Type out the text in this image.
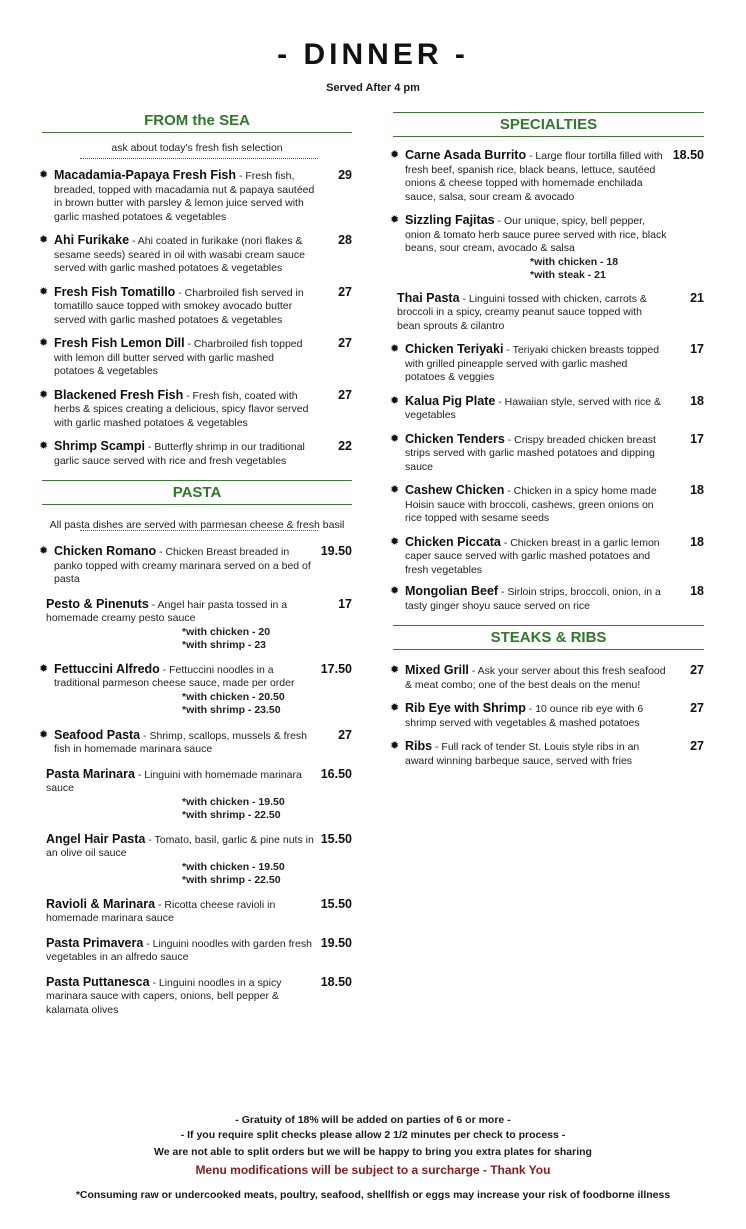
- DINNER -
Served After 4 pm
FROM the SEA
ask about today's fresh fish selection
✹ Macadamia-Papaya Fresh Fish - Fresh fish, breaded, topped with macadamia nut & papaya sautéed in brown butter with parsley & lemon juice served with garlic mashed potatoes & vegetables
29
✹ Ahi Furikake - Ahi coated in furikake (nori flakes & sesame seeds) seared in oil with wasabi cream sauce served with garlic mashed potatoes & vegetables
28
✹ Fresh Fish Tomatillo - Charbroiled fish served in tomatillo sauce topped with smokey avocado butter served with garlic mashed potatoes & vegetables
27
✹ Fresh Fish Lemon Dill - Charbroiled fish topped with lemon dill butter served with garlic mashed potatoes & vegetables
27
✹ Blackened Fresh Fish - Fresh fish, coated with herbs & spices creating a delicious, spicy flavor served with garlic mashed potatoes & vegetables
27
✹ Shrimp Scampi - Butterfly shrimp in our traditional garlic sauce served with rice and fresh vegetables
22
PASTA
All pasta dishes are served with parmesan cheese & fresh basil
✹ Chicken Romano - Chicken Breast breaded in panko topped with creamy marinara served on a bed of pasta
19.50
Pesto & Pinenuts - Angel hair pasta tossed in a homemade creamy pesto sauce
17
*with chicken - 20
*with shrimp - 23
✹ Fettuccini Alfredo - Fettuccini noodles in a traditional parmeson cheese sauce, made per order
17.50
*with chicken - 20.50
*with shrimp - 23.50
✹ Seafood Pasta - Shrimp, scallops, mussels & fresh fish in homemade marinara sauce
27
Pasta Marinara - Linguini with homemade marinara sauce
16.50
*with chicken - 19.50
*with shrimp - 22.50
Angel Hair Pasta - Tomato, basil, garlic & pine nuts in an olive oil sauce
15.50
*with chicken - 19.50
*with shrimp - 22.50
Ravioli & Marinara - Ricotta cheese ravioli in homemade marinara sauce
15.50
Pasta Primavera - Linguini noodles with garden fresh vegetables in an alfredo sauce
19.50
Pasta Puttanesca - Linguini noodles in a spicy marinara sauce with capers, onions, bell pepper & kalamata olives
18.50
SPECIALTIES
✹ Carne Asada Burrito - Large flour tortilla filled with fresh beef, spanish rice, black beans, lettuce, sautéed onions & cheese topped with homemade enchilada sauce, salsa, sour cream & avocado
18.50
✹ Sizzling Fajitas - Our unique, spicy, bell pepper, onion & tomato herb sauce puree served with rice, black beans, sour cream, avocado & salsa
*with chicken - 18
*with steak - 21
Thai Pasta - Linguini tossed with chicken, carrots & broccoli in a spicy, creamy peanut sauce topped with bean sprouts & cilantro
21
✹ Chicken Teriyaki - Teriyaki chicken breasts topped with grilled pineapple served with garlic mashed potatoes & veggies
17
✹ Kalua Pig Plate - Hawaiian style, served with rice & vegetables
18
✹ Chicken Tenders - Crispy breaded chicken breast strips served with garlic mashed potatoes and dipping sauce
17
✹ Cashew Chicken - Chicken in a spicy home made Hoisin sauce with broccoli, cashews, green onions on rice topped with sesame seeds
18
✹ Chicken Piccata - Chicken breast in a garlic lemon caper sauce served with garlic mashed potatoes and fresh vegetables
18
✹ Mongolian Beef - Sirloin strips, broccoli, onion, in a tasty ginger shoyu sauce served on rice
18
STEAKS & RIBS
✹ Mixed Grill - Ask your server about this fresh seafood & meat combo; one of the best deals on the menu!
27
✹ Rib Eye with Shrimp - 10 ounce rib eye with 6 shrimp served with vegetables & mashed potatoes
27
✹ Ribs - Full rack of tender St. Louis style ribs in an award winning barbeque sauce, served with fries
27
- Gratuity of 18% will be added on parties of 6 or more -
- If you require split checks please allow 2 1/2 minutes per check to process -
We are not able to split orders but we will be happy to bring you extra plates for sharing
Menu modifications will be subject to a surcharge - Thank You
*Consuming raw or undercooked meats, poultry, seafood, shellfish or eggs may increase your risk of foodborne illness
